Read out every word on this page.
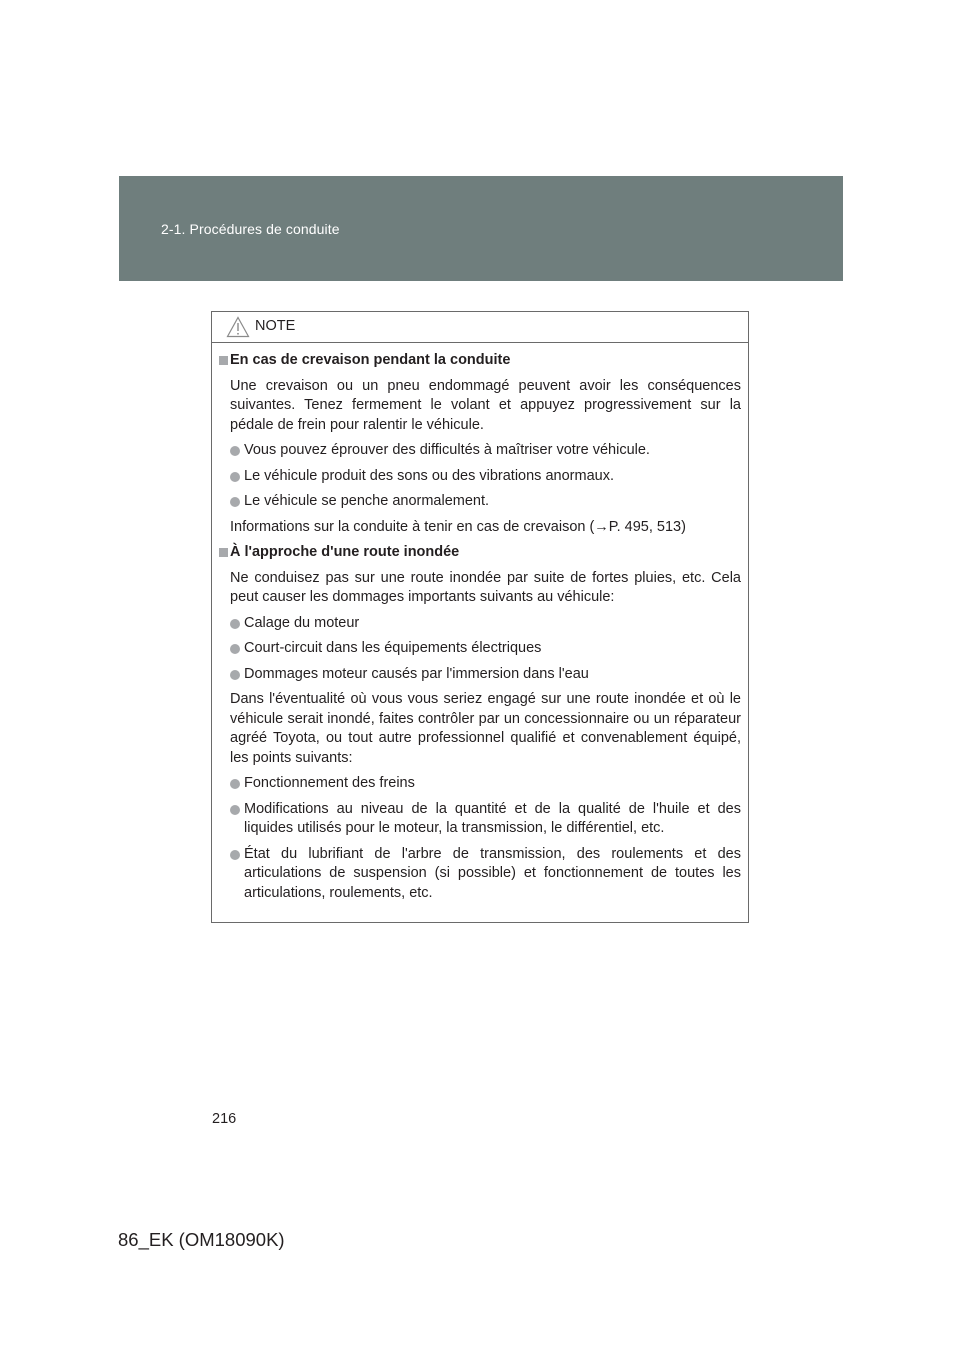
2-1. Procédures de conduite
NOTE
En cas de crevaison pendant la conduite
Une crevaison ou un pneu endommagé peuvent avoir les conséquences suivantes. Tenez fermement le volant et appuyez progressivement sur la pédale de frein pour ralentir le véhicule.
Vous pouvez éprouver des difficultés à maîtriser votre véhicule.
Le véhicule produit des sons ou des vibrations anormaux.
Le véhicule se penche anormalement.
Informations sur la conduite à tenir en cas de crevaison (→P. 495, 513)
À l'approche d'une route inondée
Ne conduisez pas sur une route inondée par suite de fortes pluies, etc. Cela peut causer les dommages importants suivants au véhicule:
Calage du moteur
Court-circuit dans les équipements électriques
Dommages moteur causés par l'immersion dans l'eau
Dans l'éventualité où vous vous seriez engagé sur une route inondée et où le véhicule serait inondé, faites contrôler par un concessionnaire ou un réparateur agréé Toyota, ou tout autre professionnel qualifié et convenablement équipé, les points suivants:
Fonctionnement des freins
Modifications au niveau de la quantité et de la qualité de l'huile et des liquides utilisés pour le moteur, la transmission, le différentiel, etc.
État du lubrifiant de l'arbre de transmission, des roulements et des articulations de suspension (si possible) et fonctionnement de toutes les articulations, roulements, etc.
216
86_EK (OM18090K)
